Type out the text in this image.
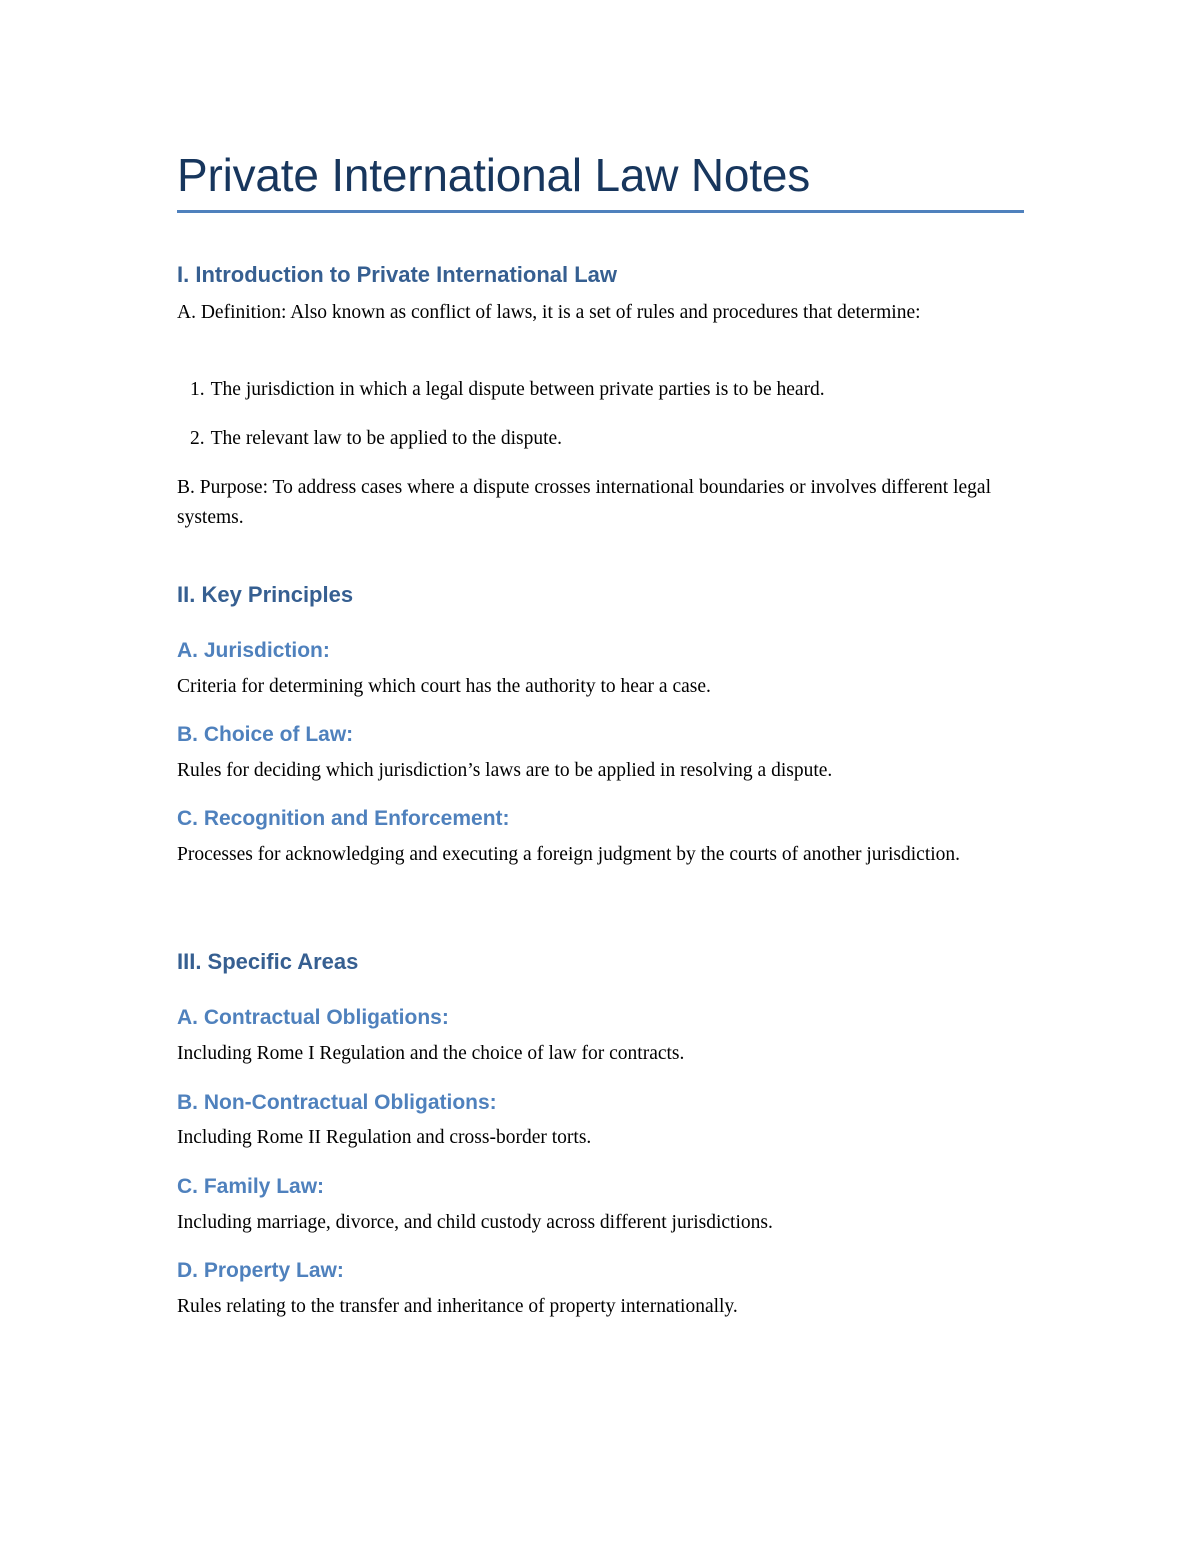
Private International Law Notes
I. Introduction to Private International Law

A. Definition: Also known as conflict of laws, it is a set of rules and procedures that determine:

1. The jurisdiction in which a legal dispute between private parties is to be heard.

2. The relevant law to be applied to the dispute.

B. Purpose: To address cases where a dispute crosses international boundaries or involves different legal systems.

II. Key Principles
A. Jurisdiction:

Criteria for determining which court has the authority to hear a case.

B. Choice of Law:

Rules for deciding which jurisdiction’s laws are to be applied in resolving a dispute.

C. Recognition and Enforcement:

Processes for acknowledging and executing a foreign judgment by the courts of another jurisdiction.

III. Specific Areas
A. Contractual Obligations:

Including Rome I Regulation and the choice of law for contracts.

B. Non-Contractual Obligations:

Including Rome II Regulation and cross-border torts.

C. Family Law:

Including marriage, divorce, and child custody across different jurisdictions.

D. Property Law:

Rules relating to the transfer and inheritance of property internationally.
